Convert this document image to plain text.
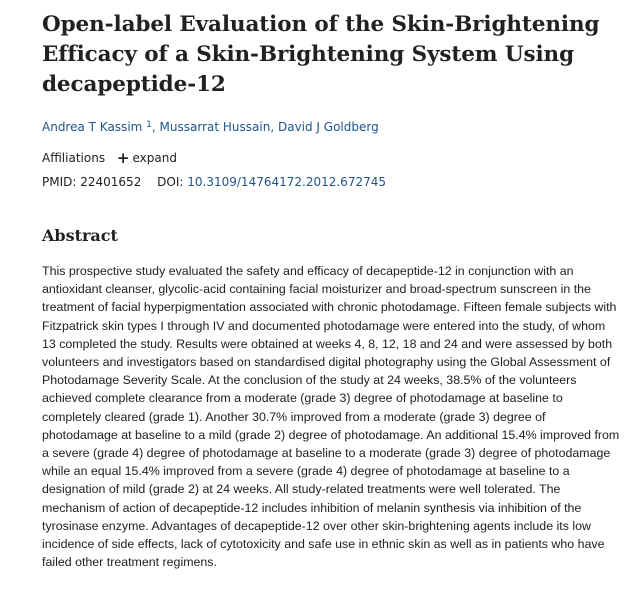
Open-label Evaluation of the Skin-Brightening Efficacy of a Skin-Brightening System Using decapeptide-12
Andrea T Kassim $^1$, Mussarrat Hussain, David J Goldberg
Affiliations + expand
PMID: 22401652 DOI: 10.3109/14764172.2012.672745
Abstract

This prospective study evaluated the safety and efficacy of decapeptide-12 in conjunction with an antioxidant cleanser, glycolic-acid containing facial moisturizer and broad-spectrum sunscreen in the treatment of facial hyperpigmentation associated with chronic photodamage. Fifteen female subjects with Fitzpatrick skin types I through IV and documented photodamage were entered into the study, of whom 13 completed the study. Results were obtained at weeks 4, 8, 12, 18 and 24 and were assessed by both volunteers and investigators based on standardised digital photography using the Global Assessment of Photodamage Severity Scale. At the conclusion of the study at 24 weeks, 38.5% of the volunteers achieved complete clearance from a moderate (grade 3) degree of photodamage at baseline to completely cleared (grade 1). Another 30.7% improved from a moderate (grade 3) degree of photodamage at baseline to a mild (grade 2) degree of photodamage. An additional 15.4% improved from a severe (grade 4) degree of photodamage at baseline to a moderate (grade 3) degree of photodamage while an equal 15.4% improved from a severe (grade 4) degree of photodamage at baseline to a designation of mild (grade 2) at 24 weeks. All study-related treatments were well tolerated. The mechanism of action of decapeptide-12 includes inhibition of melanin synthesis via inhibition of the tyrosinase enzyme. Advantages of decapeptide-12 over other skin-brightening agents include its low incidence of side effects, lack of cytotoxicity and safe use in ethnic skin as well as in patients who have failed other treatment regimens.
